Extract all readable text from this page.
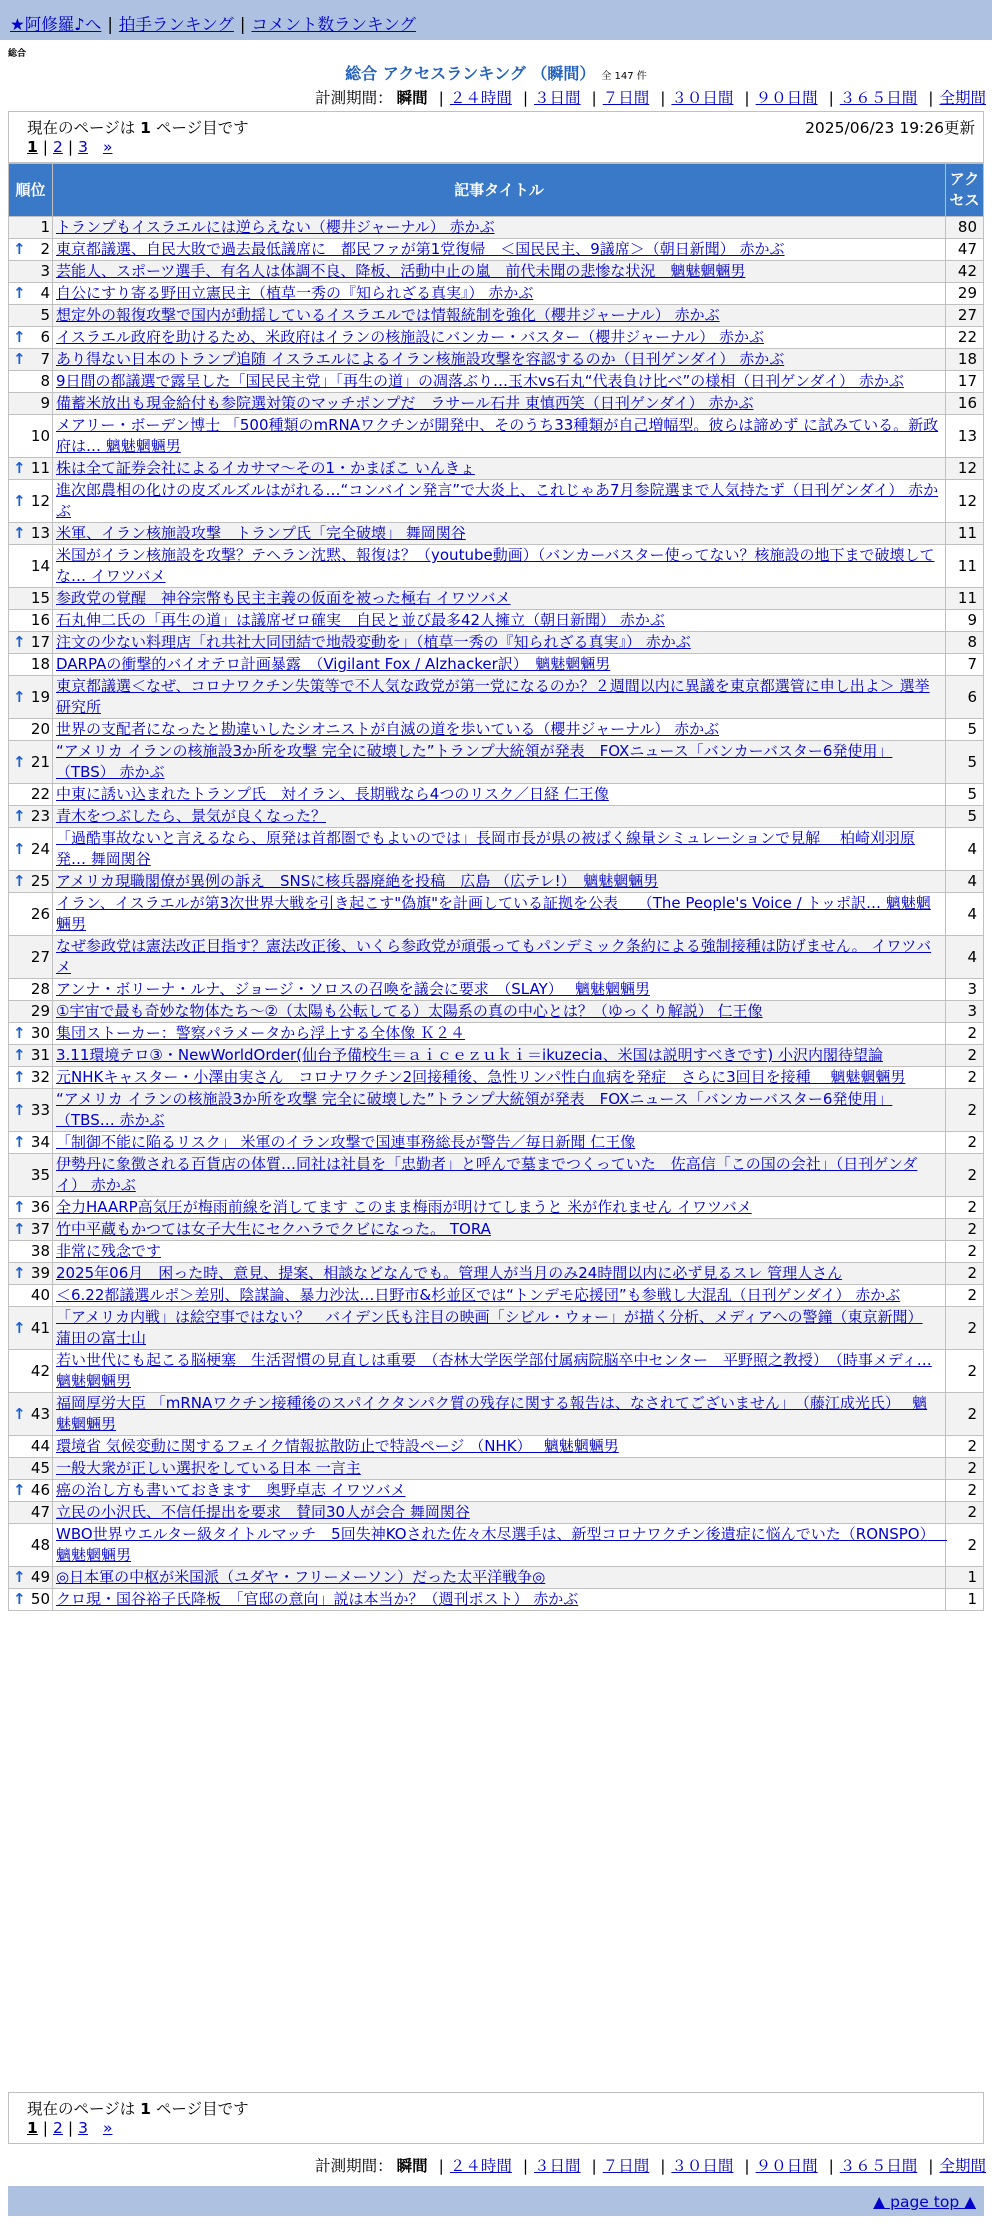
★阿修羅♪へ | 拍手ランキング | コメント数ランキング
総合
総合 アクセスランキング （瞬間） 全 147 件
計測期間： 瞬間 | ２４時間 | ３日間 | ７日間 | ３０日間 | ９０日間 | ３６５日間 | 全期間
現在のページは 1 ページ目です	2025/06/23 19:26更新
1 | 2 | 3 »
順位	記事タイトル	アクセス
1	トランプもイスラエルには逆らえない（櫻井ジャーナル） 赤かぶ	80

↑ 2	東京都議選、自民大敗で過去最低議席に　都民ファが第1党復帰　＜国民民主、9議席＞（朝日新聞） 赤かぶ	47
3	芸能人、スポーツ選手、有名人は体調不良、降板、活動中止の嵐　前代未聞の悲惨な状況　魑魅魍魎男	42

↑ 4	自公にすり寄る野田立憲民主（植草一秀の『知られざる真実』） 赤かぶ	29
5	想定外の報復攻撃で国内が動揺しているイスラエルでは情報統制を強化（櫻井ジャーナル） 赤かぶ	27

↑ 6	イスラエル政府を助けるため、米政府はイランの核施設にバンカー・バスター（櫻井ジャーナル） 赤かぶ	22

↑ 7	あり得ない日本のトランプ追随 イスラエルによるイラン核施設攻撃を容認するのか（日刊ゲンダイ） 赤かぶ	18
8	9日間の都議選で露呈した「国民民主党」「再生の道」の凋落ぶり…玉木vs石丸“代表負け比べ”の様相（日刊ゲンダイ） 赤かぶ	17
9	備蓄米放出も現金給付も参院選対策のマッチポンプだ　ラサール石井 東慎西笑（日刊ゲンダイ） 赤かぶ	16
10	メアリー・ボーデン博士 「500種類のmRNAワクチンが開発中、そのうち33種類が自己増幅型。彼らは諦めず に試みている。新政府は… 魑魅魍魎男	13

↑ 11	株は全て証券会社によるイカサマ〜その1・かまぼこ いんきょ	12

↑ 12	進次郎農相の化けの皮ズルズルはがれる…“コンバイン発言”で大炎上、これじゃあ7月参院選まで人気持たず（日刊ゲンダイ） 赤かぶ	12

↑ 13	米軍、イラン核施設攻撃　トランプ氏「完全破壊」 舞岡関谷	11
14	米国がイラン核施設を攻撃？テヘラン沈黙、報復は？（youtube動画）（バンカーバスター使ってない？核施設の地下まで破壊してな… イワツバメ	11
15	参政党の覚醒　神谷宗幣も民主主義の仮面を被った極右 イワツバメ	11
16	石丸伸二氏の「再生の道」は議席ゼロ確実　自民と並び最多42人擁立（朝日新聞） 赤かぶ	9

↑ 17	注文の少ない料理店「れ共社大同団結で地殻変動を」（植草一秀の『知られざる真実』） 赤かぶ	8
18	DARPAの衝撃的バイオテロ計画暴露　（Vigilant Fox / Alzhacker訳）　魑魅魍魎男	7

↑ 19	東京都議選＜なぜ、コロナワクチン失策等で不人気な政党が第一党になるのか？２週間以内に異議を東京都選管に申し出よ＞ 選挙研究所	6
20	世界の支配者になったと勘違いしたシオニストが自滅の道を歩いている（櫻井ジャーナル） 赤かぶ	5

↑ 21	“アメリカ イランの核施設3か所を攻撃 完全に破壊した”トランプ大統領が発表　FOXニュース「バンカーバスター6発使用」（TBS） 赤かぶ	5
22	中東に誘い込まれたトランプ氏　対イラン、長期戦なら4つのリスク／日経 仁王像	5

↑ 23	青木をつぶしたら、景気が良くなった？	5

↑ 24	「過酷事故ないと言えるなら、原発は首都圏でもよいのでは」長岡市長が県の被ばく線量シミュレーションで見解　 柏崎刈羽原発… 舞岡関谷	4

↑ 25	アメリカ現職閣僚が異例の訴え　SNSに核兵器廃絶を投稿　広島 （広テレ!）　魑魅魍魎男	4
26	イラン、イスラエルが第3次世界大戦を引き起こす"偽旗"を計画している証拠を公表　 （The People's Voice / トッポ訳… 魑魅魍魎男	4
27	なぜ参政党は憲法改正目指す？憲法改正後、いくら参政党が頑張ってもパンデミック条約による強制接種は防げません。 イワツバメ	4
28	アンナ・ボリーナ・ルナ、ジョージ・ソロスの召喚を議会に要求　（SLAY）　 魑魅魍魎男	3
29	①宇宙で最も奇妙な物体たち〜②（太陽も公転してる）太陽系の真の中心とは？（ゆっくり解説） 仁王像	3

↑ 30	集団ストーカー：警察パラメータから浮上する全体像 Ｋ２４	2

↑ 31	3.11環境テロ③・NewWorldOrder(仙台予備校生＝ａｉｃｅｚｕｋｉ＝ikuzecia、米国は説明すべきです) 小沢内閣待望論	2

↑ 32	元NHKキャスター・小澤由実さん　コロナワクチン2回接種後、急性リンパ性白血病を発症　さらに3回目を接種　 魑魅魍魎男	2

↑ 33	“アメリカ イランの核施設3か所を攻撃 完全に破壊した”トランプ大統領が発表　FOXニュース「バンカーバスター6発使用」（TBS… 赤かぶ	2

↑ 34	「制御不能に陥るリスク」 米軍のイラン攻撃で国連事務総長が警告／毎日新聞 仁王像	2
35	伊勢丹に象徴される百貨店の体質…同社は社員を「忠勤者」と呼んで墓までつくっていた　佐高信「この国の会社」（日刊ゲンダイ） 赤かぶ	2

↑ 36	全力HAARP高気圧が梅雨前線を消してます このまま梅雨が明けてしまうと 米が作れません イワツバメ	2

↑ 37	竹中平蔵もかつては女子大生にセクハラでクビになった。 TORA	2
38	非常に残念です	2

↑ 39	2025年06月　困った時、意見、提案、相談などなんでも。管理人が当月のみ24時間以内に必ず見るスレ 管理人さん	2
40	＜6.22都議選ルポ＞差別、陰謀論、暴力沙汰…日野市&杉並区では“トンデモ応援団”も参戦し大混乱（日刊ゲンダイ） 赤かぶ	2

↑ 41	「アメリカ内戦」は絵空事ではない？　バイデン氏も注目の映画「シビル・ウォー」が描く分析、メディアへの警鐘（東京新聞） 蒲田の富士山	2
42	若い世代にも起こる脳梗塞　生活習慣の見直しは重要　（杏林大学医学部付属病院脳卒中センター　平野照之教授）　（時事メディ… 魑魅魍魎男	2

↑ 43	福岡厚労大臣 「mRNAワクチン接種後のスパイクタンパク質の残存に関する報告は、なされてございません」　（藤江成光氏）　 魑魅魍魎男	2
44	環境省 気候変動に関するフェイク情報拡散防止で特設ページ （NHK）　 魑魅魍魎男	2
45	一般大衆が正しい選択をしている日本 一言主	2

↑ 46	癌の治し方も書いておきます　奥野卓志 イワツバメ	2
47	立民の小沢氏、不信任提出を要求　賛同30人が会合 舞岡関谷	2
48	WBO世界ウエルター級タイトルマッチ　5回失神KOされた佐々木尽選手は、新型コロナワクチン後遺症に悩んでいた（RONSPO）　 魑魅魍魎男	2

↑ 49	◎日本軍の中枢が米国派（ユダヤ・フリーメーソン）だった太平洋戦争◎	1

↑ 50	クロ現・国谷裕子氏降板　「官邸の意向」説は本当か？（週刊ポスト） 赤かぶ	1
現在のページは 1 ページ目です
1 | 2 | 3 »
計測期間： 瞬間 | ２４時間 | ３日間 | ７日間 | ３０日間 | ９０日間 | ３６５日間 | 全期間
▲ page top ▲
